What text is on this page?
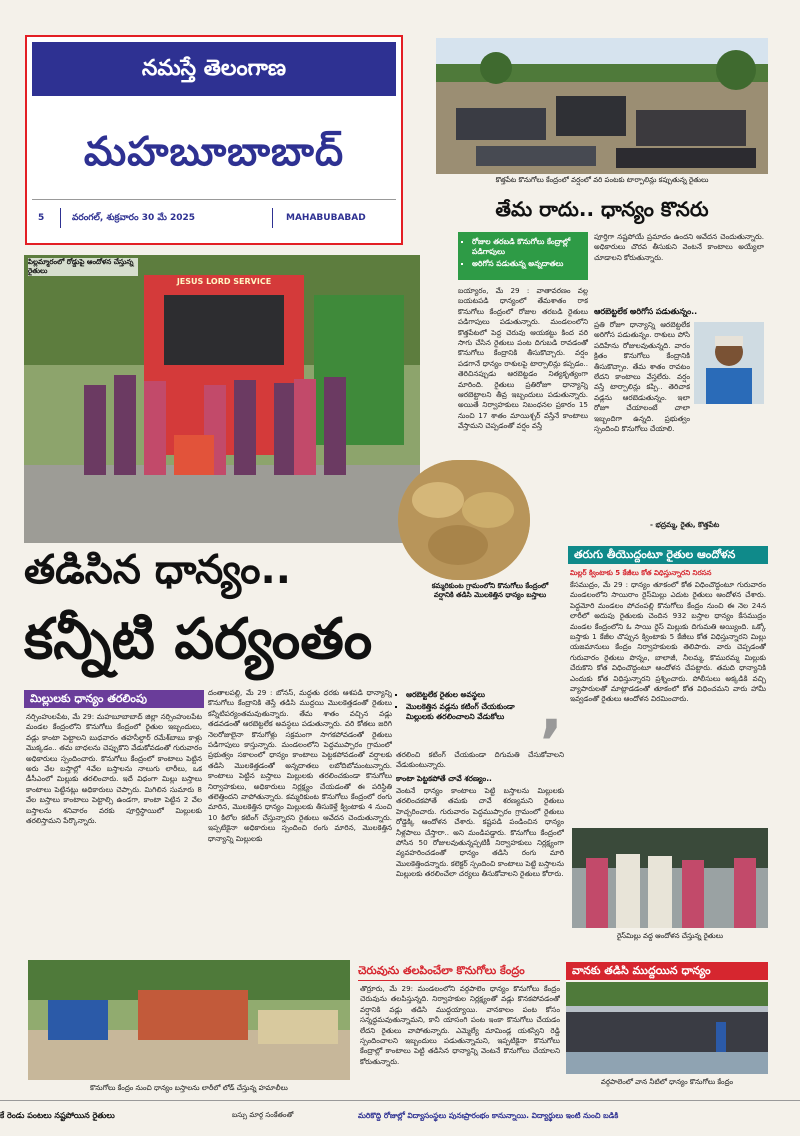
నమస్తే తెలంగాణ
మహబూబాబాద్
5	వరంగల్, శుక్రవారం 30 మే 2025	MAHABUBABAD
కొత్తపేట కొనుగోలు కేంద్రంలో వర్షంలో వరి పంటకు టార్పాలిన్లు కప్పుతున్న రైతులు
తేమ రాదు.. ధాన్యం కొనరు
▪ రోజుల తరబడి కొనుగోలు కేంద్రాల్లో పడిగాపులు
▪ అరిగోస పడుతున్న అన్నదాతలు
బయ్యారం, మే 29 : వాతావరణం వల్ల బయటపడి ధాన్యంలో తేమశాతం రాక కొనుగోలు కేంద్రంలో రోజుల తరబడి రైతులు పడిగాపులు పడుతున్నారు. మండలంలోని కొత్తపేటలో పెద్ద చెరువు ఆయకట్టు కింద వరి సాగు చేసిన రైతులు పంట దిగుబడి రావడంతో కొనుగోలు కేంద్రానికి తీసుకొచ్చారు. వర్షం పడగానే ధాన్యం రాశులపై టార్పాలిన్లు కప్పడం.. తెరిచినప్పుడు ఆరబెట్టడం నిత్యకృత్యంగా మారింది. రైతులు ప్రతిరోజూ ధాన్యాన్ని ఆరబెట్టాలని తీవ్ర ఇబ్బందులు పడుతున్నారు. అయితే నిర్వాహకులు నిబంధనల ప్రకారం 15 నుంచి 17 శాతం మాయిశ్చర్ వస్తేనే కాంటాలు వేస్తామని చెప్పడంతో వర్షం వస్తే
పూర్తిగా నష్టపోయే ప్రమాదం ఉందని ఆవేదన చెందుతున్నారు. అధికారులు చొరవ తీసుకుని వెంటనే కాంటాలు అయ్యేలా చూడాలని కోరుతున్నారు.
ఆరబెట్టలేక అరిగోస పడుతున్నం..
ప్రతి రోజూ ధాన్యాన్ని ఆరబెట్టలేక అరిగోస పడుతున్నం. రాశులు పోసి పదిహేను రోజులవుతున్నది. వారం క్రితం కొనుగోలు కేంద్రానికి తీసుకొచ్చాం. తేమ శాతం రావటం లేదని కాంటాలు వేస్తలేరు. వర్షం వస్తే టార్పాలిన్లు కప్పి.. తెరిచాక వడ్లను ఆరబెడుతున్నం. ఇలా రోజూ చేయాలంటే చాలా ఇబ్బందిగా ఉన్నది. ప్రభుత్వం స్పందించి కొనుగోలు చేయాలి.
- భద్రమ్మ, రైతు, కొత్తపేట
JESUS LORD SERVICE
పిల్లమ్మారంలో రోడ్డుపై ఆందోళన చేస్తున్న రైతులు
కమ్మరికుంట గ్రామంలోని కొనుగోలు కేంద్రంలో వర్షానికి తడిసి మొలకెత్తిన ధాన్యం బస్తాలు
తడిసిన ధాన్యం..
కన్నీటి పర్యంతం
▪ ఆరబెట్టలేక రైతుల అవస్థలు
▪ మొలకెత్తిన వడ్లను కటింగ్ చేయకుండా మిల్లులకు తరలించాలని వేడుకోలు ,
దంతాలపల్లి, మే 29 : బోనస్, మద్దతు ధరకు ఆశపడి ధాన్యాన్ని కొనుగోలు కేంద్రానికి తెస్తే తడిసి ముద్దయి మొలకెత్తడంతో రైతులు కన్నీటిపర్యంతమవుతున్నారు. తేమ శాతం వచ్చిన వడ్లు తడవడంతో ఆరబెట్టలేక అవస్థలు పడుతున్నారు. వరి కోతలు జరిగి నెలరోజులైనా కొనుగోళ్లు సక్రమంగా సాగకపోవడంతో రైతులు పడిగాపులు కాస్తున్నారు. మండలంలోని పెద్దముప్పారం గ్రామంలో ప్రభుత్వం సకాలంలో ధాన్యం కాంటాలు పెట్టకపోవడంతో వర్షాలకు తడిసి మొలకెత్తడంతో అన్నదాతలు లబోదిబోమంటున్నారు. కాంటాలు పెట్టిన బస్తాలు మిల్లులకు తరలించకుండా కొనుగోలు నిర్వాహకులు, అధికారులు నిర్లక్ష్యం చేయడంతో ఈ పరిస్థితి తలెత్తిందని వాపోతున్నారు. కమ్మరికుంట కొనుగోలు కేంద్రంలో రంగు మారిన, మొలకెత్తిన ధాన్యం మిల్లులకు తీసుకెళ్తే క్వింటాకు 4 నుంచి 10 కిలోల కటింగ్ చేస్తున్నారని రైతులు ఆవేదన చెందుతున్నారు. ఇప్పటికైనా అధికారులు స్పందించి రంగు మారిన, మొలకెత్తిన ధాన్యాన్ని మిల్లులకు
తరలించి కటింగ్ చేయకుండా దిగుమతి చేసుకోవాలని వేడుకుంటున్నారు.
కాంటా పెట్టకపోతే చావే శరణ్యం..
వెంటనే ధాన్యం కాంటాలు పెట్టి బస్తాలను మిల్లులకు తరలించకపోతే తమకు చావే శరణ్యమని రైతులు హెచ్చరించారు. గురువారం పెద్దముప్పారం గ్రామంలో రైతులు రోడ్డెక్కి ఆందోళన చేశారు. కష్టపడి పండించిన ధాన్యం నీళ్లపాలు చేస్తారా.. అని మండిపడ్డారు. కొనుగోలు కేంద్రంలో పోసిన 50 రోజులవుతున్నప్పటికీ నిర్వాహకులు నిర్లక్ష్యంగా వ్యవహరించడంతో ధాన్యం తడిసి రంగు మారి మొలకెత్తిందన్నారు. కలెక్టర్ స్పందించి కాంటాలు పెట్టి బస్తాలను మిల్లులకు తరలించేలా చర్యలు తీసుకోవాలని రైతులు కోరారు.
మిల్లులకు ధాన్యం తరలింపు
నర్సింహులపేట, మే 29: మహబూబాబాద్ జిల్లా నర్సింహులపేట మండల కేంద్రంలోని కొనుగోలు కేంద్రంలో రైతుల ఇబ్బందులు, వడ్లు కాంటా పెట్టాలని బుధవారం తహసీల్దార్ రమేశ్‌బాబు కాళ్లు మొక్కడం.. తమ బాధలను చెప్పుకొని వేడుకోవడంతో గురువారం అధికారులు స్పందించారు. కొనుగోలు కేంద్రంలో కాంటాలు పెట్టిన అరు వేల బస్తాల్లో 4వేల బస్తాలను నాలుగు లారీలు, ఒక డీసీఎంలో మిల్లుకు తరలించారు. ఇదే విధంగా మిల్లు బస్తాలు కాంటాలు పెట్టినట్లు అధికారులు చెప్పారు. మిగిలిన సుమారు 8 వేల బస్తాలు కాంటాలు పెట్టాల్సి ఉండగా, కాంటా పెట్టిన 2 వేల బస్తాలను శనివారం వరకు పూర్తిస్థాయిలో మిల్లులకు తరలిస్తామని పేర్కొన్నారు.
తరుగు తీయొద్దంటూ రైతుల ఆందోళన
మిల్లర్ క్వింటాకు 5 కేజీలు కోత విధిస్తున్నారని నిరసన
కేసముద్రం, మే 29 : ధాన్యం తూకంలో కోత విధించొద్దంటూ గురువారం మండలంలోని సాయిరాం రైస్‌మిల్లు ఎదుట రైతులు ఆందోళన చేశారు. పెద్దమోరి మండలం పోచంపల్లి కొనుగోలు కేంద్రం నుంచి ఈ నెల 24న లారీలో అదుపు రైతులకు చెందిన 932 బస్తాల ధాన్యం కేసముద్రం మండల కేంద్రంలోని ఓ సాయి రైస్ మిల్లుకు దిగుమతి అయ్యింది. ఒక్కో బస్తాకు 1 కేజీల చొప్పున క్వింటాకు 5 కేజీలు కోత విధిస్తున్నారని మిల్లు యజమానులు కేంద్రం నిర్వాహకులకు తెలిపారు. వారు చెప్పడంతో గురువారం రైతులు పొన్నం, బాలాజీ, నీలమ్మ, కొమురమ్మ మిల్లుకు చేరుకొని కోత విధించొద్దంటూ ఆందోళన చేపట్టారు. తమది ధాన్యానికి ఎందుకు కోత విధిస్తున్నారని ప్రశ్నించారు. పోలీసులు అక్కడికి వచ్చి వ్యాపారులతో మాట్లాడడంతో తూకంలో కోత విధించమని వారు హామీ ఇవ్వడంతో రైతులు ఆందోళన విరమించారు.
రైస్‌మిల్లు వద్ద ఆందోళన చేస్తున్న రైతులు
కొనుగోలు కేంద్రం నుంచి ధాన్యం బస్తాలను లారీలో లోడ్ చేస్తున్న హమాలీలు
చెరువును తలపించేలా కొనుగోలు కేంద్రం
తొర్రూరు, మే 29: మండలంలోని వర్గపాలెం ధాన్యం కొనుగోలు కేంద్రం చెరువును తలపిస్తున్నది. నిర్వాహకుల నిర్లక్ష్యంతో వడ్లు కొనకపోవడంతో వర్షానికి వడ్లు తడిసి ముద్దయ్యాయి. వానకాలం పంట కోసం సన్నద్ధమవుతున్నామని, కానీ యాసంగి పంట ఇంకా కొనుగోలు చేయడం లేదని రైతులు వాపోతున్నారు. ఎమ్మెల్యే మామిండ్ల యశస్విని రెడ్డి స్పందించాలని ఇబ్బందులు పడుతున్నామని, ఇప్పటికైనా కొనుగోలు కేంద్రాల్లో కాంటాలు పెట్టి తడిసిన ధాన్యాన్ని వెంటనే కొనుగోలు చేయాలని కోరుతున్నారు.
వానకు తడిసి ముద్దయిన ధాన్యం
వర్గపాలెంలో వాన నీటిలో ధాన్యం కొనుగోలు కేంద్రం
కే రెండు పంటలు నష్టపోయిన రైతులు	బస్సు మార్గ సంకేతంతో	మరికొద్ది రోజుల్లో విద్యాసంస్థలు పునఃప్రారంభం కానున్నాయి. విద్యార్థులు ఇంటి నుంచి బడికి
